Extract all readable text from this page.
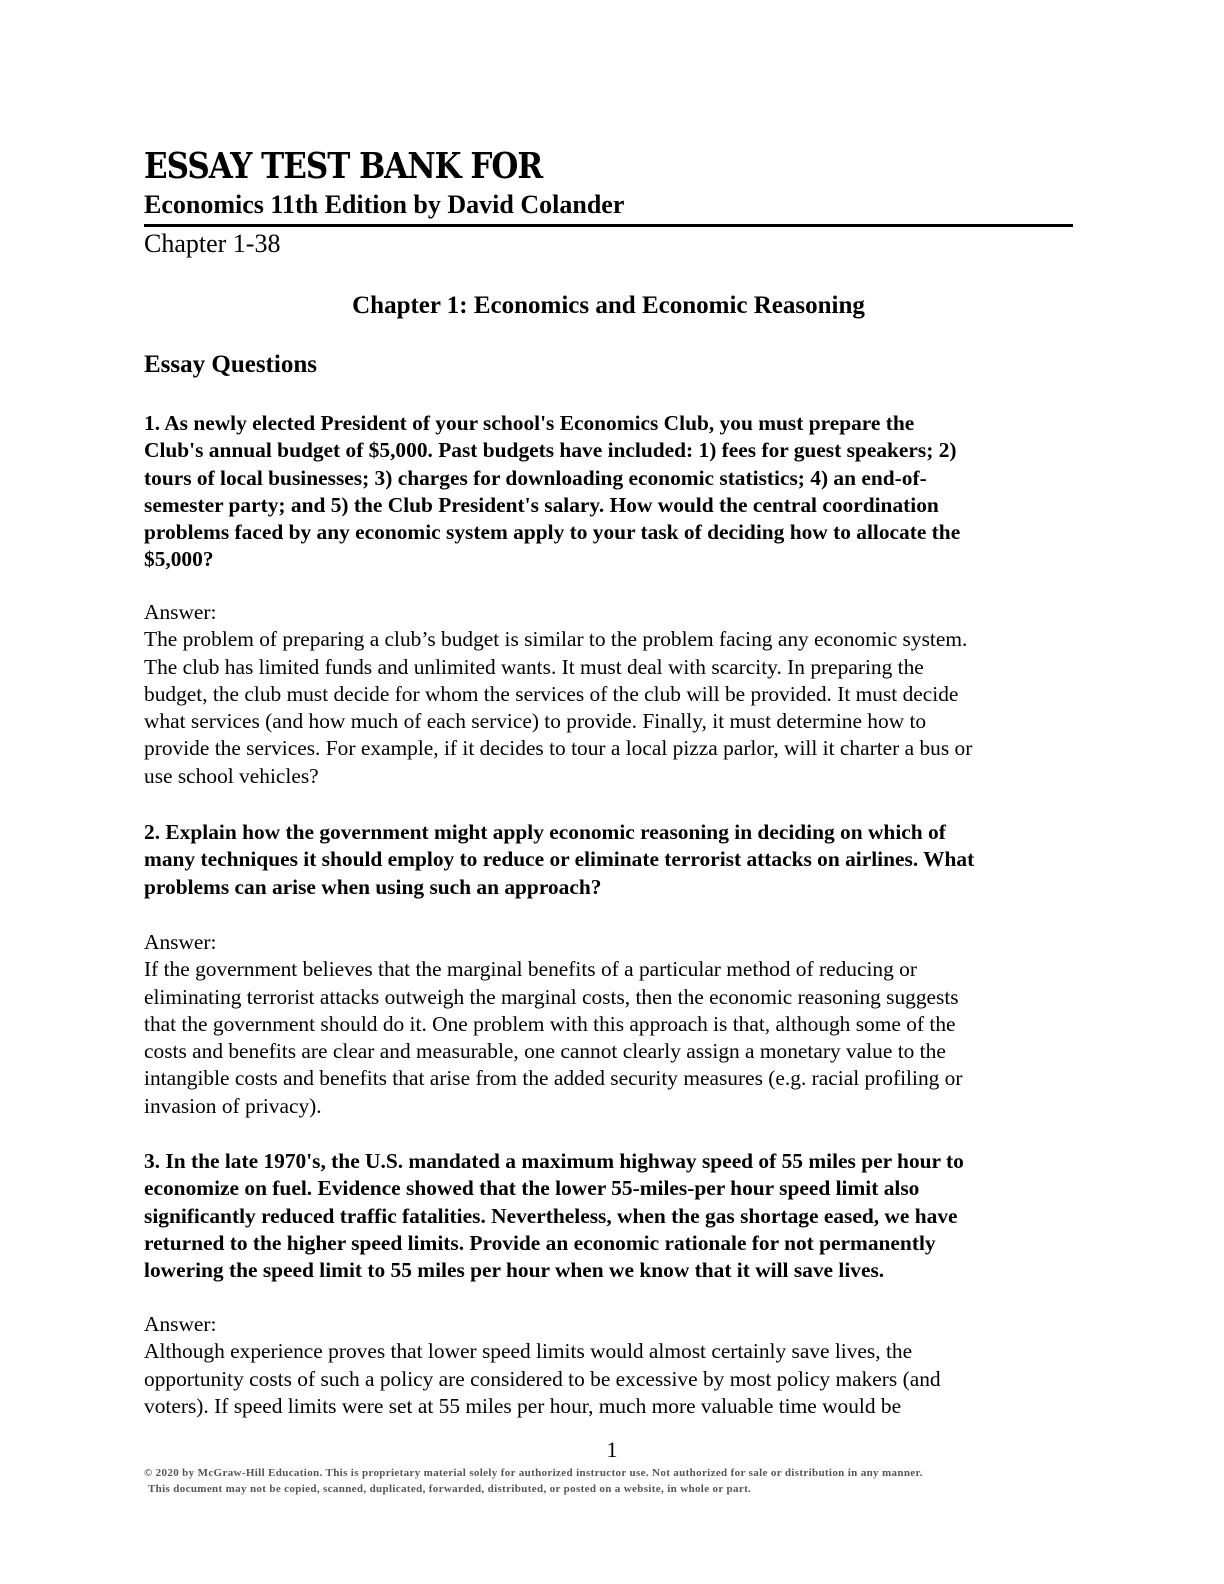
ESSAY TEST BANK FOR
Economics 11th Edition by David Colander
Chapter 1-38
Chapter 1: Economics and Economic Reasoning
Essay Questions
1. As newly elected President of your school's Economics Club, you must prepare the
Club's annual budget of $5,000. Past budgets have included: 1) fees for guest speakers; 2)
tours of local businesses; 3) charges for downloading economic statistics; 4) an end-of-
semester party; and 5) the Club President's salary. How would the central coordination
problems faced by any economic system apply to your task of deciding how to allocate the
$5,000?
Answer:
The problem of preparing a club’s budget is similar to the problem facing any economic system.
The club has limited funds and unlimited wants. It must deal with scarcity. In preparing the
budget, the club must decide for whom the services of the club will be provided. It must decide
what services (and how much of each service) to provide. Finally, it must determine how to
provide the services. For example, if it decides to tour a local pizza parlor, will it charter a bus or
use school vehicles?
2. Explain how the government might apply economic reasoning in deciding on which of
many techniques it should employ to reduce or eliminate terrorist attacks on airlines. What
problems can arise when using such an approach?
Answer:
If the government believes that the marginal benefits of a particular method of reducing or
eliminating terrorist attacks outweigh the marginal costs, then the economic reasoning suggests
that the government should do it. One problem with this approach is that, although some of the
costs and benefits are clear and measurable, one cannot clearly assign a monetary value to the
intangible costs and benefits that arise from the added security measures (e.g. racial profiling or
invasion of privacy).
3. In the late 1970's, the U.S. mandated a maximum highway speed of 55 miles per hour to
economize on fuel. Evidence showed that the lower 55-miles-per hour speed limit also
significantly reduced traffic fatalities. Nevertheless, when the gas shortage eased, we have
returned to the higher speed limits. Provide an economic rationale for not permanently
lowering the speed limit to 55 miles per hour when we know that it will save lives.
Answer:
Although experience proves that lower speed limits would almost certainly save lives, the
opportunity costs of such a policy are considered to be excessive by most policy makers (and
voters). If speed limits were set at 55 miles per hour, much more valuable time would be
1
© 2020 by McGraw-Hill Education. This is proprietary material solely for authorized instructor use. Not authorized for sale or distribution in any manner.
This document may not be copied, scanned, duplicated, forwarded, distributed, or posted on a website, in whole or part.
